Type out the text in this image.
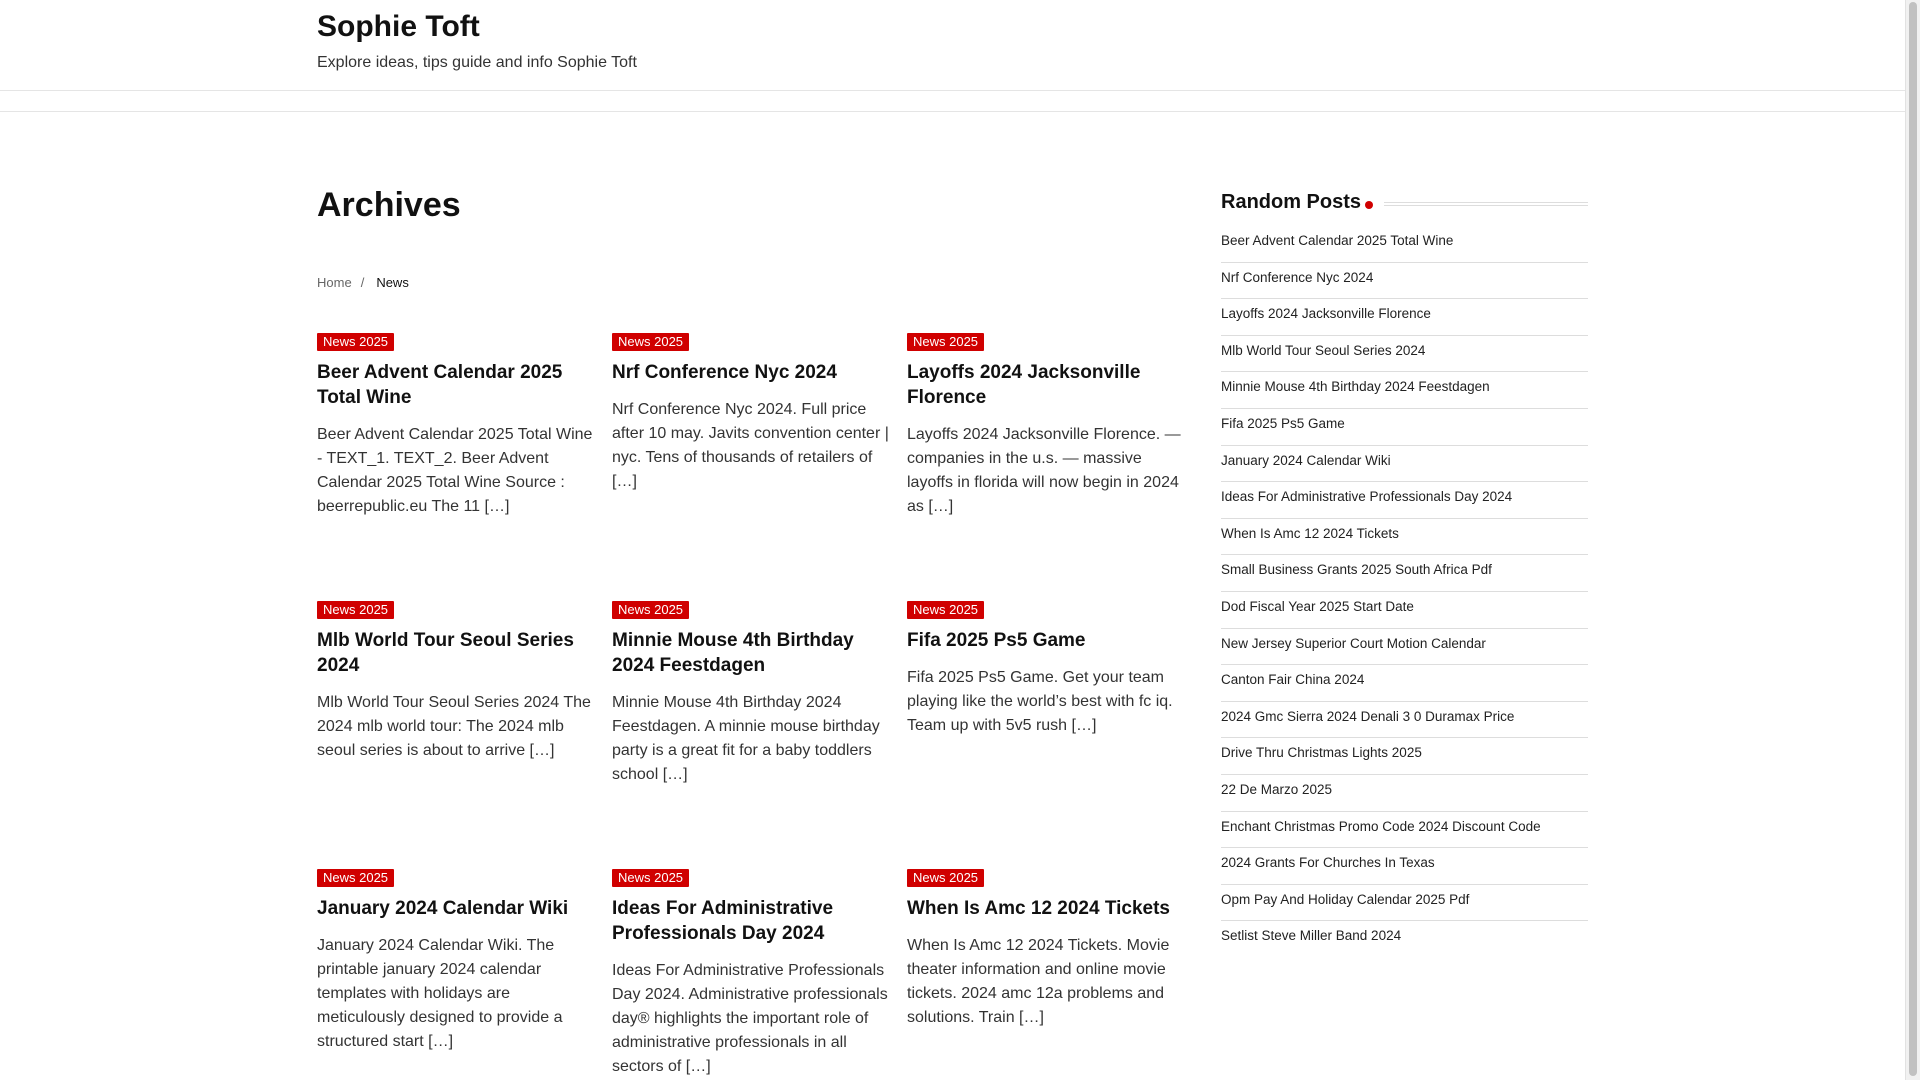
Sophie Toft
Explore ideas, tips guide and info Sophie Toft
Archives
Home / News
News 2025
Beer Advent Calendar 2025 Total Wine

Beer Advent Calendar 2025 Total Wine - TEXT_1. TEXT_2. Beer Advent Calendar 2025 Total Wine Source : beerrepublic.eu The 11 […]

News 2025
Nrf Conference Nyc 2024

Nrf Conference Nyc 2024. Full price after 10 may. Javits convention center | nyc. Tens of thousands of retailers of […]

News 2025
Layoffs 2024 Jacksonville Florence

Layoffs 2024 Jacksonville Florence. — companies in the u.s. — massive layoffs in florida will now begin in 2024 as […]

News 2025
Mlb World Tour Seoul Series 2024

Mlb World Tour Seoul Series 2024 The 2024 mlb world tour: The 2024 mlb seoul series is about to arrive […]

News 2025
Minnie Mouse 4th Birthday 2024 Feestdagen

Minnie Mouse 4th Birthday 2024 Feestdagen. A minnie mouse birthday party is a great fit for a baby toddlers school […]

News 2025
Fifa 2025 Ps5 Game

Fifa 2025 Ps5 Game. Get your team playing like the world’s best with fc iq. Team up with 5v5 rush […]

News 2025
January 2024 Calendar Wiki

January 2024 Calendar Wiki. The printable january 2024 calendar templates with holidays are meticulously designed to provide a structured start […]

News 2025
Ideas For Administrative Professionals Day 2024

Ideas For Administrative Professionals Day 2024. Administrative professionals day® highlights the important role of administrative professionals in all sectors of […]

News 2025
When Is Amc 12 2024 Tickets

When Is Amc 12 2024 Tickets. Movie theater information and online movie tickets. 2024 amc 12a problems and solutions. Train […]

Random Posts
Beer Advent Calendar 2025 Total Wine
Nrf Conference Nyc 2024
Layoffs 2024 Jacksonville Florence
Mlb World Tour Seoul Series 2024
Minnie Mouse 4th Birthday 2024 Feestdagen
Fifa 2025 Ps5 Game
January 2024 Calendar Wiki
Ideas For Administrative Professionals Day 2024
When Is Amc 12 2024 Tickets
Small Business Grants 2025 South Africa Pdf
Dod Fiscal Year 2025 Start Date
New Jersey Superior Court Motion Calendar
Canton Fair China 2024
2024 Gmc Sierra 2024 Denali 3 0 Duramax Price
Drive Thru Christmas Lights 2025
22 De Marzo 2025
Enchant Christmas Promo Code 2024 Discount Code
2024 Grants For Churches In Texas
Opm Pay And Holiday Calendar 2025 Pdf
Setlist Steve Miller Band 2024
